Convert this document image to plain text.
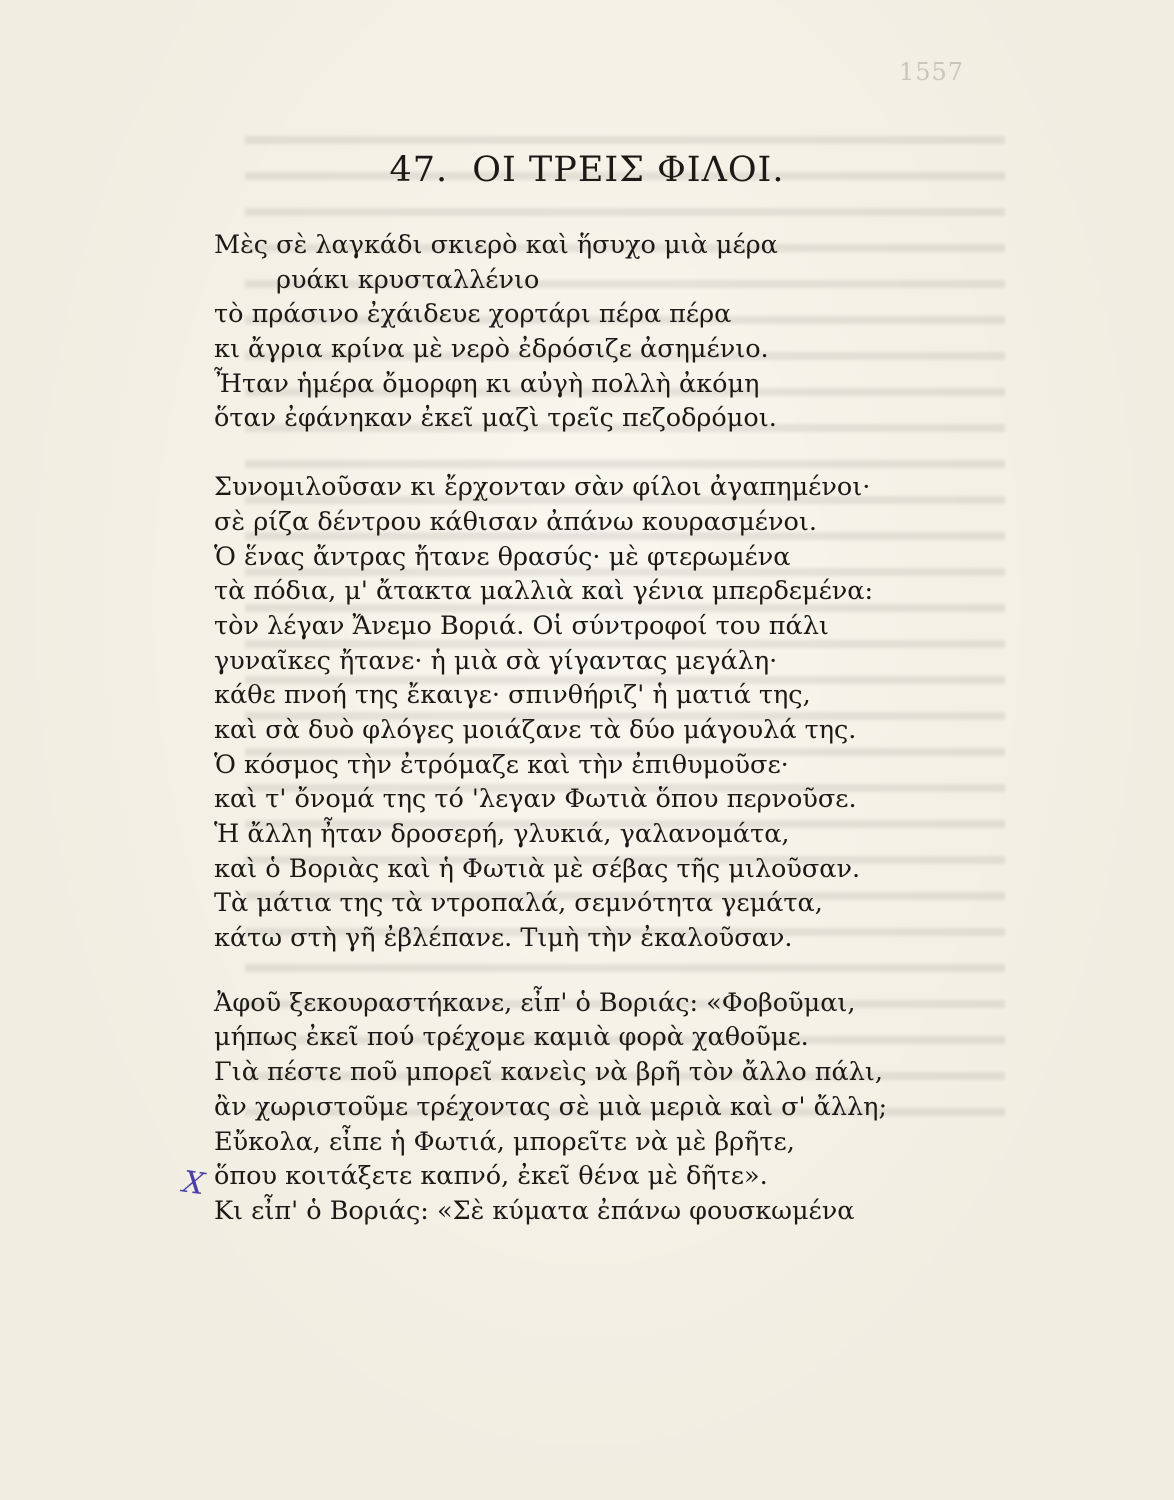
1557
47. ΟΙ ΤΡΕΙΣ ΦΙΛΟΙ.
Μὲς σὲ λαγκάδι σκιερὸ καὶ ἥσυχο μιὰ μέρα
ρυάκι κρυσταλλένιο
τὸ πράσινο ἐχάιδευε χορτάρι πέρα πέρα
κι ἄγρια κρίνα μὲ νερὸ ἐδρόσιζε ἀσημένιο.
Ἦταν ἡμέρα ὄμορφη κι αὐγὴ πολλὴ ἀκόμη
ὅταν ἐφάνηκαν ἐκεῖ μαζὶ τρεῖς πεζοδρόμοι.
Συνομιλοῦσαν κι ἔρχονταν σὰν φίλοι ἀγαπημένοι·
σὲ ρίζα δέντρου κάθισαν ἀπάνω κουρασμένοι.
Ὁ ἕνας ἄντρας ἤτανε θρασύς· μὲ φτερωμένα
τὰ πόδια, μ' ἄτακτα μαλλιὰ καὶ γένια μπερδεμένα:
τὸν λέγαν Ἄνεμο Βοριά. Οἱ σύντροφοί του πάλι
γυναῖκες ἤτανε· ἡ μιὰ σὰ γίγαντας μεγάλη·
κάθε πνοή της ἔκαιγε· σπινθήριζ' ἡ ματιά της,
καὶ σὰ δυὸ φλόγες μοιάζανε τὰ δύο μάγουλά της.
Ὁ κόσμος τὴν ἐτρόμαζε καὶ τὴν ἐπιθυμοῦσε·
καὶ τ' ὄνομά της τό 'λεγαν Φωτιὰ ὅπου περνοῦσε.
Ἡ ἄλλη ἦταν δροσερή, γλυκιά, γαλανομάτα,
καὶ ὁ Βοριὰς καὶ ἡ Φωτιὰ μὲ σέβας τῆς μιλοῦσαν.
Τὰ μάτια της τὰ ντροπαλά, σεμνότητα γεμάτα,
κάτω στὴ γῆ ἐβλέπανε. Τιμὴ τὴν ἐκαλοῦσαν.
Ἀφοῦ ξεκουραστήκανε, εἶπ' ὁ Βοριάς: «Φοβοῦμαι,
μήπως ἐκεῖ πού τρέχομε καμιὰ φορὰ χαθοῦμε.
Γιὰ πέστε ποῦ μπορεῖ κανεὶς νὰ βρῆ τὸν ἄλλο πάλι,
ἂν χωριστοῦμε τρέχοντας σὲ μιὰ μεριὰ καὶ σ' ἄλλη;
Εὔκολα, εἶπε ἡ Φωτιά, μπορεῖτε νὰ μὲ βρῆτε,
ὅπου κοιτάξετε καπνό, ἐκεῖ θένα μὲ δῆτε».
Κι εἶπ' ὁ Βοριάς: «Σὲ κύματα ἐπάνω φουσκωμένα
Χ
